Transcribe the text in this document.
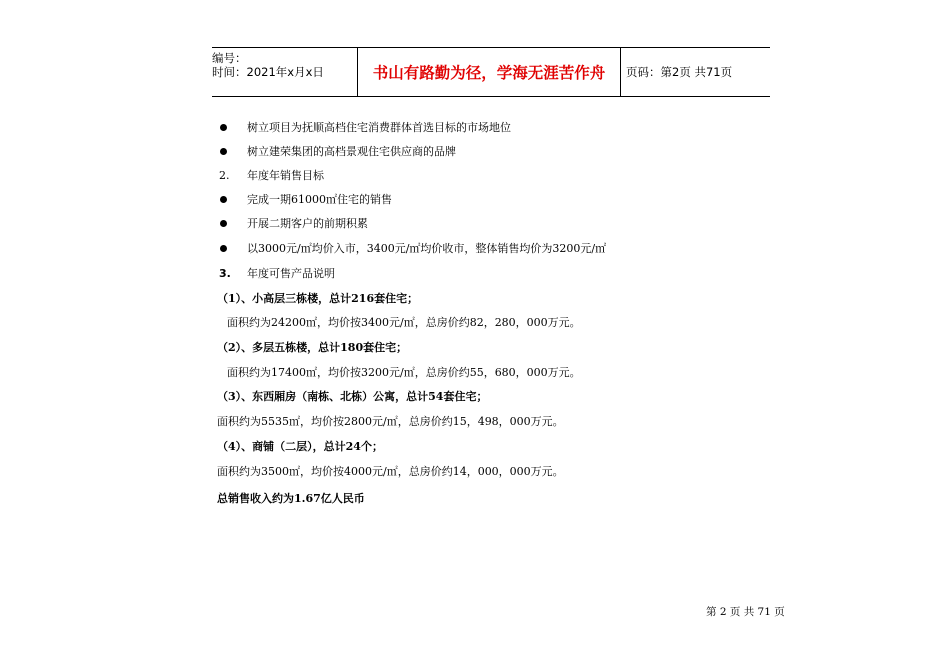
编号：
时间：2021年x月x日	书山有路勤为径，学海无涯苦作舟	页码：第2页 共71页
树立项目为抚顺高档住宅消费群体首选目标的市场地位
树立建荣集团的高档景观住宅供应商的品牌
2. 年度年销售目标
完成一期61000㎡住宅的销售
开展二期客户的前期积累
以3000元/㎡均价入市，3400元/㎡均价收市，整体销售均价为3200元/㎡
3. 年度可售产品说明
（1）、小高层三栋楼，总计216套住宅；
面积约为24200㎡，均价按3400元/㎡，总房价约82，280，000万元。
（2）、多层五栋楼，总计180套住宅；
面积约为17400㎡，均价按3200元/㎡，总房价约55，680，000万元。
（3）、东西厢房（南栋、北栋）公寓，总计54套住宅；
面积约为5535㎡，均价按2800元/㎡，总房价约15，498，000万元。
（4）、商铺（二层），总计24个；
面积约为3500㎡，均价按4000元/㎡，总房价约14，000，000万元。
总销售收入约为1.67亿人民币
第 2 页 共 71 页
